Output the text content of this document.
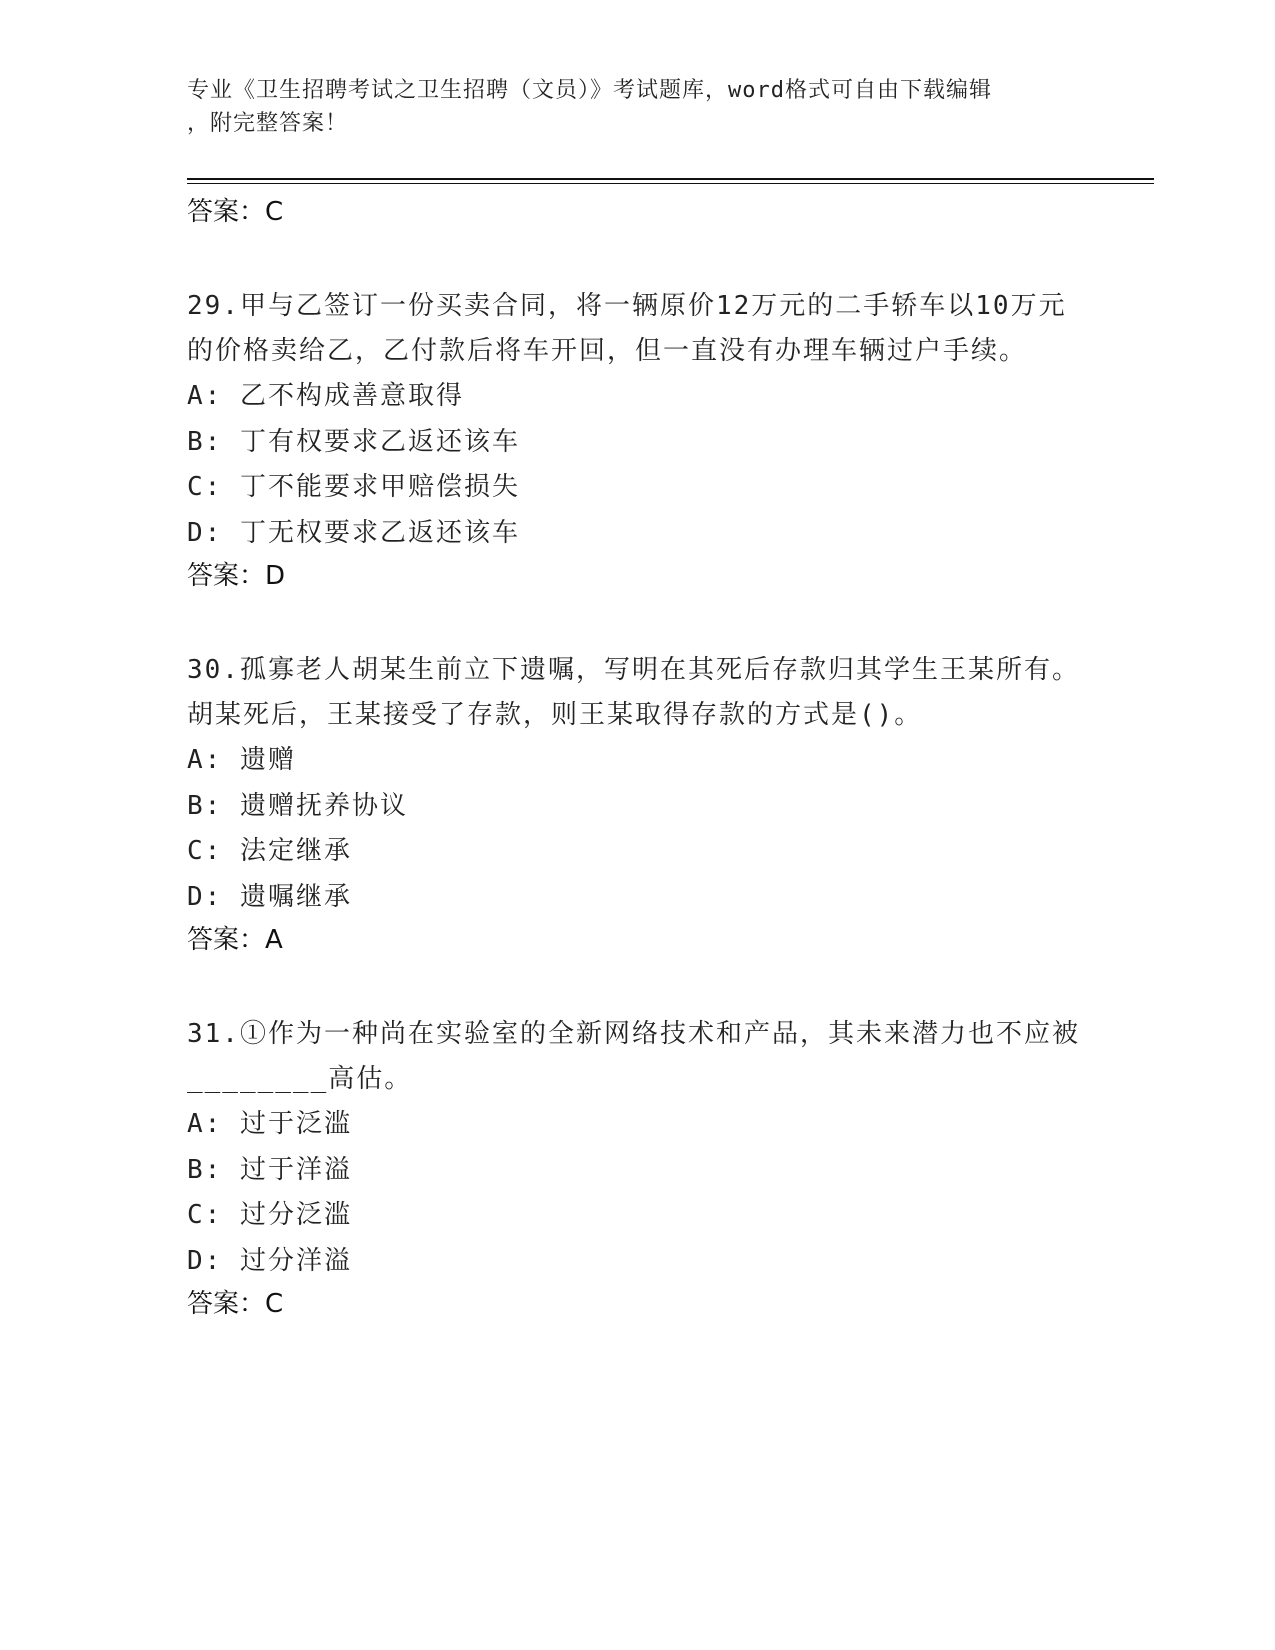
专业《卫生招聘考试之卫生招聘（文员）》考试题库，word格式可自由下载编辑
，附完整答案！

答案：C

29.甲与乙签订一份买卖合同，将一辆原价12万元的二手轿车以10万元的价格卖给乙，乙付款后将车开回，但一直没有办理车辆过户手续。

A: 乙不构成善意取得

B: 丁有权要求乙返还该车

C: 丁不能要求甲赔偿损失

D: 丁无权要求乙返还该车

答案：D

30.孤寡老人胡某生前立下遗嘱，写明在其死后存款归其学生王某所有。胡某死后，王某接受了存款，则王某取得存款的方式是()。

A: 遗赠

B: 遗赠抚养协议

C: 法定继承

D: 遗嘱继承

答案：A

31.①作为一种尚在实验室的全新网络技术和产品，其未来潜力也不应被________高估。

A: 过于泛滥

B: 过于洋溢

C: 过分泛滥

D: 过分洋溢

答案：C
